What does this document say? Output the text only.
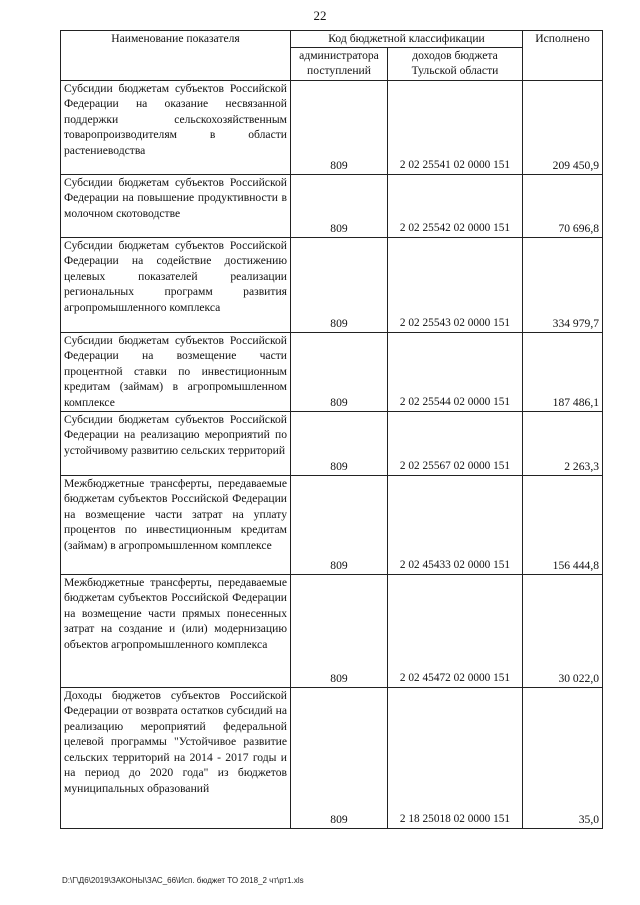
22
Наименование показателя	Код бюджетной классификации		Исполнено
	администратора поступлений	доходов бюджета Тульской области	
Субсидии бюджетам субъектов Российской Федерации на оказание несвязанной поддержки сельскохозяйственным товаропроизводителям в области растениеводства	809	2 02 25541 02 0000 151	209 450,9
Субсидии бюджетам субъектов Российской Федерации на повышение продуктивности в молочном скотоводстве	809	2 02 25542 02 0000 151	70 696,8
Субсидии бюджетам субъектов Российской Федерации на содействие достижению целевых показателей реализации региональных программ развития агропромышленного комплекса	809	2 02 25543 02 0000 151	334 979,7
Субсидии бюджетам субъектов Российской Федерации на возмещение части процентной ставки по инвестиционным кредитам (займам) в агропромышленном комплексе	809	2 02 25544 02 0000 151	187 486,1
Субсидии бюджетам субъектов Российской Федерации на реализацию мероприятий по устойчивому развитию сельских территорий	809	2 02 25567 02 0000 151	2 263,3
Межбюджетные трансферты, передаваемые бюджетам субъектов Российской Федерации на возмещение части затрат на уплату процентов по инвестиционным кредитам (займам) в агропромышленном комплексе	809	2 02 45433 02 0000 151	156 444,8
Межбюджетные трансферты, передаваемые бюджетам субъектов Российской Федерации на возмещение части прямых понесенных затрат на создание и (или) модернизацию объектов агропромышленного комплекса	809	2 02 45472 02 0000 151	30 022,0
Доходы бюджетов субъектов Российской Федерации от возврата остатков субсидий на реализацию мероприятий федеральной целевой программы "Устойчивое развитие сельских территорий на 2014 - 2017 годы и на период до 2020 года" из бюджетов муниципальных образований	809	2 18 25018 02 0000 151	35,0
D:\Г\Д6\2019\ЗАКОНЫ\ЗАС_66\Исп. бюджет ТО 2018_2 чт\рт1.xls
